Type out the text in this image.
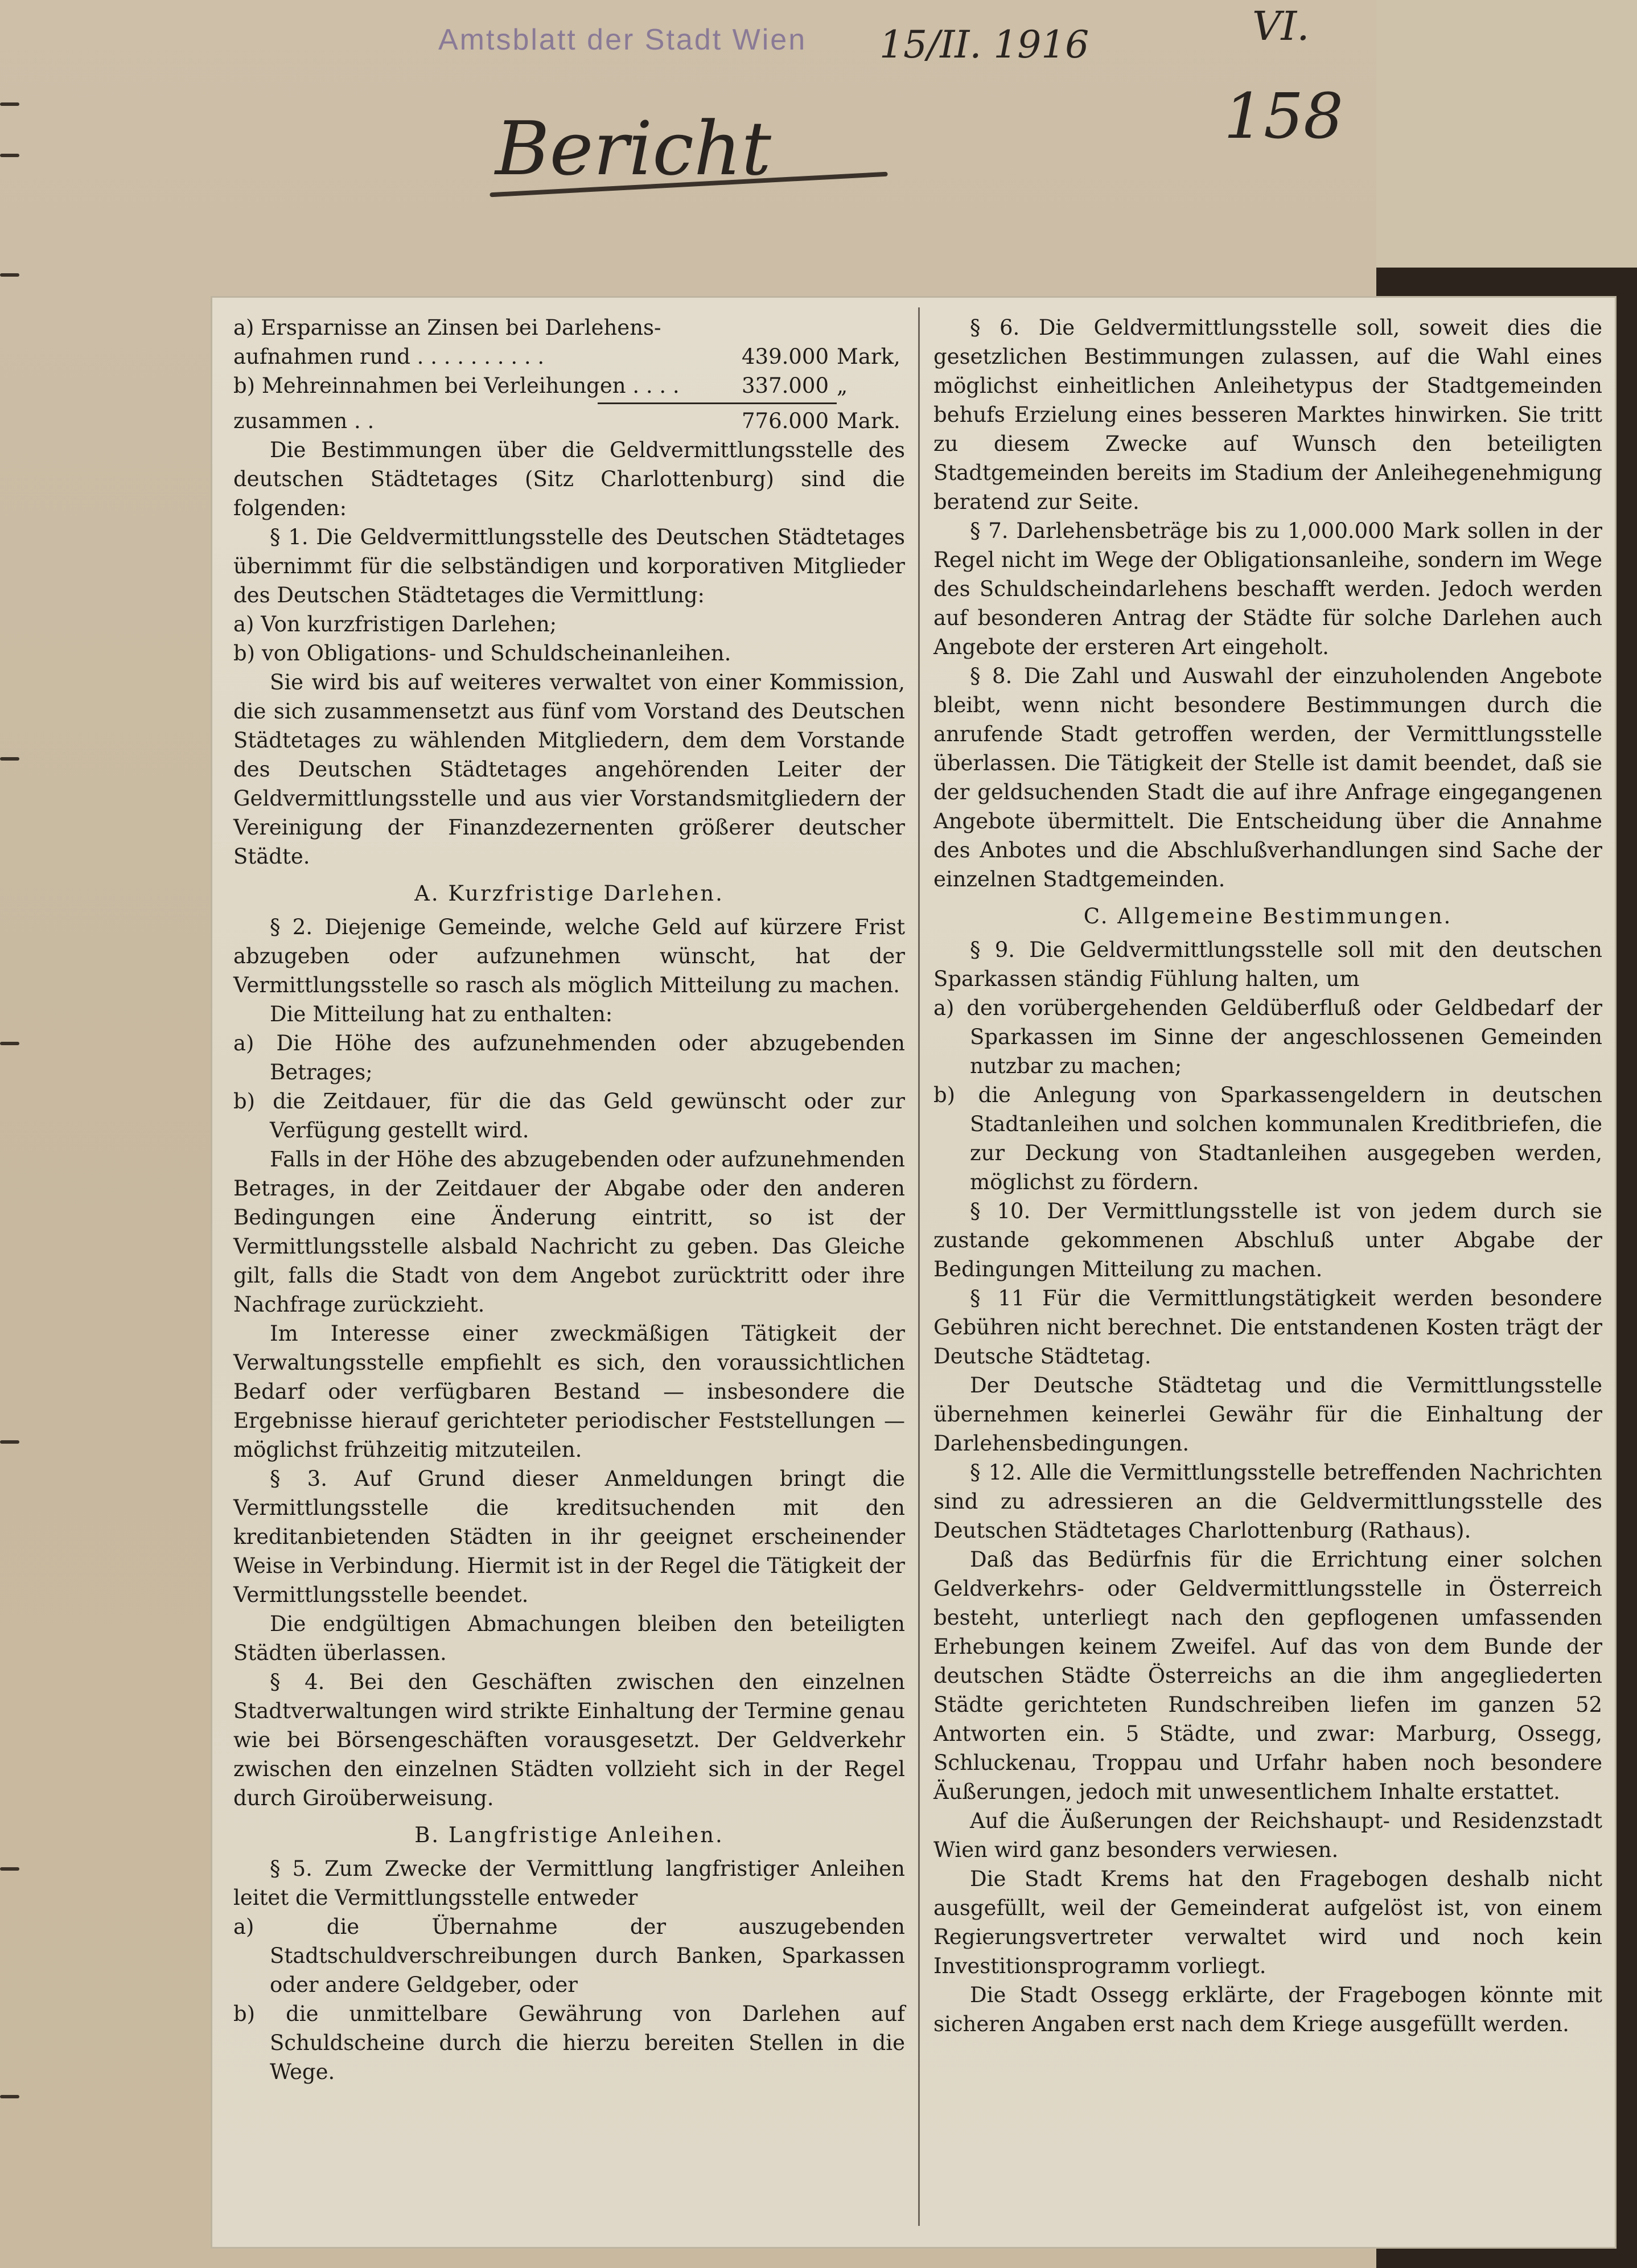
Amtsblatt der Stadt Wien 15/II. 1916	VI.
158
Bericht

a) Ersparnisse an Zinsen bei Darlehens-

aufnahmen rund . . . . . . . . . .	439.000 Mark,
b) Mehreinnahmen bei Verleihungen . . . .	337.000 „
zusammen . .	776.000 Mark.

Die Bestimmungen über die Geldvermittlungsstelle des deutschen Städtetages (Sitz Charlottenburg) sind die folgenden:

§ 1. Die Geldvermittlungsstelle des Deutschen Städtetages übernimmt für die selbständigen und korporativen Mitglieder des Deutschen Städtetages die Vermittlung:

a) Von kurzfristigen Darlehen;

b) von Obligations- und Schuldscheinanleihen.

Sie wird bis auf weiteres verwaltet von einer Kommission, die sich zusammensetzt aus fünf vom Vorstand des Deutschen Städtetages zu wählenden Mitgliedern, dem dem Vorstande des Deutschen Städtetages angehörenden Leiter der Geldvermittlungsstelle und aus vier Vorstandsmitgliedern der Vereinigung der Finanzdezernenten größerer deutscher Städte.

A. Kurzfristige Darlehen.

§ 2. Diejenige Gemeinde, welche Geld auf kürzere Frist abzugeben oder aufzunehmen wünscht, hat der Vermittlungsstelle so rasch als möglich Mitteilung zu machen.

Die Mitteilung hat zu enthalten:

a) Die Höhe des aufzunehmenden oder abzugebenden Betrages;

b) die Zeitdauer, für die das Geld gewünscht oder zur Verfügung gestellt wird.

Falls in der Höhe des abzugebenden oder aufzunehmenden Betrages, in der Zeitdauer der Abgabe oder den anderen Bedingungen eine Änderung eintritt, so ist der Vermittlungsstelle alsbald Nachricht zu geben. Das Gleiche gilt, falls die Stadt von dem Angebot zurücktritt oder ihre Nachfrage zurückzieht.

Im Interesse einer zweckmäßigen Tätigkeit der Verwaltungsstelle empfiehlt es sich, den voraussichtlichen Bedarf oder verfügbaren Bestand — insbesondere die Ergebnisse hierauf gerichteter periodischer Feststellungen — möglichst frühzeitig mitzuteilen.

§ 3. Auf Grund dieser Anmeldungen bringt die Vermittlungsstelle die kreditsuchenden mit den kreditanbietenden Städten in ihr geeignet erscheinender Weise in Verbindung. Hiermit ist in der Regel die Tätigkeit der Vermittlungsstelle beendet.

Die endgültigen Abmachungen bleiben den beteiligten Städten überlassen.

§ 4. Bei den Geschäften zwischen den einzelnen Stadtverwaltungen wird strikte Einhaltung der Termine genau wie bei Börsengeschäften vorausgesetzt. Der Geldverkehr zwischen den einzelnen Städten vollzieht sich in der Regel durch Giroüberweisung.

B. Langfristige Anleihen.

§ 5. Zum Zwecke der Vermittlung langfristiger Anleihen leitet die Vermittlungsstelle entweder

a) die Übernahme der auszugebenden Stadtschuldverschreibungen durch Banken, Sparkassen oder andere Geldgeber, oder

b) die unmittelbare Gewährung von Darlehen auf Schuldscheine durch die hierzu bereiten Stellen in die Wege.

§ 6. Die Geldvermittlungsstelle soll, soweit dies die gesetzlichen Bestimmungen zulassen, auf die Wahl eines möglichst einheitlichen Anleihetypus der Stadtgemeinden behufs Erzielung eines besseren Marktes hinwirken. Sie tritt zu diesem Zwecke auf Wunsch den beteiligten Stadtgemeinden bereits im Stadium der Anleihegenehmigung beratend zur Seite.

§ 7. Darlehensbeträge bis zu 1,000.000 Mark sollen in der Regel nicht im Wege der Obligationsanleihe, sondern im Wege des Schuldscheindarlehens beschafft werden. Jedoch werden auf besonderen Antrag der Städte für solche Darlehen auch Angebote der ersteren Art eingeholt.

§ 8. Die Zahl und Auswahl der einzuholenden Angebote bleibt, wenn nicht besondere Bestimmungen durch die anrufende Stadt getroffen werden, der Vermittlungsstelle überlassen. Die Tätigkeit der Stelle ist damit beendet, daß sie der geldsuchenden Stadt die auf ihre Anfrage eingegangenen Angebote übermittelt. Die Entscheidung über die Annahme des Anbotes und die Abschlußverhandlungen sind Sache der einzelnen Stadtgemeinden.

C. Allgemeine Bestimmungen.

§ 9. Die Geldvermittlungsstelle soll mit den deutschen Sparkassen ständig Fühlung halten, um

a) den vorübergehenden Geldüberfluß oder Geldbedarf der Sparkassen im Sinne der angeschlossenen Gemeinden nutzbar zu machen;

b) die Anlegung von Sparkassengeldern in deutschen Stadtanleihen und solchen kommunalen Kreditbriefen, die zur Deckung von Stadtanleihen ausgegeben werden, möglichst zu fördern.

§ 10. Der Vermittlungsstelle ist von jedem durch sie zustande gekommenen Abschluß unter Abgabe der Bedingungen Mitteilung zu machen.

§ 11 Für die Vermittlungstätigkeit werden besondere Gebühren nicht berechnet. Die entstandenen Kosten trägt der Deutsche Städtetag.

Der Deutsche Städtetag und die Vermittlungsstelle übernehmen keinerlei Gewähr für die Einhaltung der Darlehensbedingungen.

§ 12. Alle die Vermittlungsstelle betreffenden Nachrichten sind zu adressieren an die Geldvermittlungsstelle des Deutschen Städtetages Charlottenburg (Rathaus).

Daß das Bedürfnis für die Errichtung einer solchen Geldverkehrs- oder Geldvermittlungsstelle in Österreich besteht, unterliegt nach den gepflogenen umfassenden Erhebungen keinem Zweifel. Auf das von dem Bunde der deutschen Städte Österreichs an die ihm angegliederten Städte gerichteten Rundschreiben liefen im ganzen 52 Antworten ein. 5 Städte, und zwar: Marburg, Ossegg, Schluckenau, Troppau und Urfahr haben noch besondere Äußerungen, jedoch mit unwesentlichem Inhalte erstattet.

Auf die Äußerungen der Reichshaupt- und Residenzstadt Wien wird ganz besonders verwiesen.

Die Stadt Krems hat den Fragebogen deshalb nicht ausgefüllt, weil der Gemeinderat aufgelöst ist, von einem Regierungsvertreter verwaltet wird und noch kein Investitionsprogramm vorliegt.

Die Stadt Ossegg erklärte, der Fragebogen könnte mit sicheren Angaben erst nach dem Kriege ausgefüllt werden.
